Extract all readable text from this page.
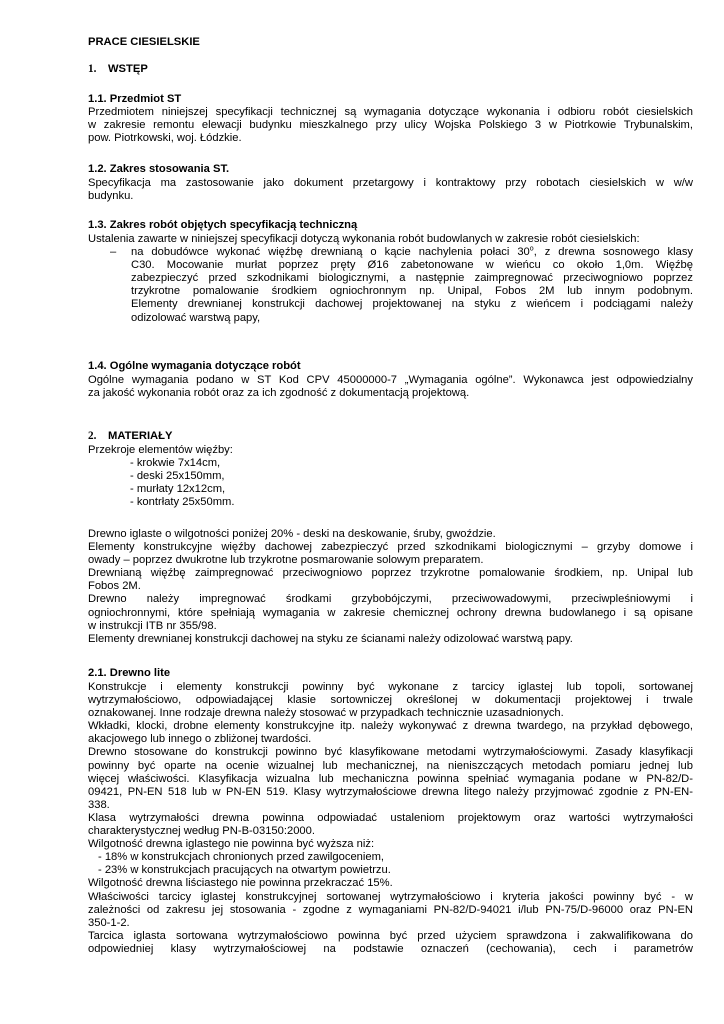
PRACE CIESIELSKIE
1. WSTĘP
1.1. Przedmiot ST

Przedmiotem niniejszej specyfikacji technicznej są wymagania dotyczące wykonania i odbioru robót ciesielskich

w zakresie remontu elewacji budynku mieszkalnego przy ulicy Wojska Polskiego 3 w Piotrkowie Trybunalskim,

pow. Piotrkowski, woj. Łódzkie.

1.2. Zakres stosowania ST.

Specyfikacja ma zastosowanie jako dokument przetargowy i kontraktowy przy robotach ciesielskich w w/w

budynku.

1.3. Zakres robót objętych specyfikacją techniczną

Ustalenia zawarte w niniejszej specyfikacji dotyczą wykonania robót budowlanych w zakresie robót ciesielskich:

– na dobudówce wykonać więźbę drewnianą o kącie nachylenia połaci 30$^o$, z drewna sosnowego klasy

C30. Mocowanie murłat poprzez pręty Ø16 zabetonowane w wieńcu co około 1,0m. Więźbę

zabezpieczyć przed szkodnikami biologicznymi, a następnie zaimpregnować przeciwogniowo poprzez

trzykrotne pomalowanie środkiem ogniochronnym np. Unipal, Fobos 2M lub innym podobnym.

Elementy drewnianej konstrukcji dachowej projektowanej na styku z wieńcem i podciągami należy

odizolować warstwą papy,

1.4. Ogólne wymagania dotyczące robót

Ogólne wymagania podano w ST Kod CPV 45000000-7 „Wymagania ogólne”. Wykonawca jest odpowiedzialny

za jakość wykonania robót oraz za ich zgodność z dokumentacją projektową.

2. MATERIAŁY

Przekroje elementów więźby:

- krokwie 7x14cm,

- deski 25x150mm,

- murłaty 12x12cm,

- kontrłaty 25x50mm.

Drewno iglaste o wilgotności poniżej 20% - deski na deskowanie, śruby, gwoździe.

Elementy konstrukcyjne więźby dachowej zabezpieczyć przed szkodnikami biologicznymi – grzyby domowe i

owady – poprzez dwukrotne lub trzykrotne posmarowanie solowym preparatem.

Drewnianą więźbę zaimpregnować przeciwogniowo poprzez trzykrotne pomalowanie środkiem, np. Unipal lub

Fobos 2M.

Drewno należy impregnować środkami grzybobójczymi, przeciwowadowymi, przeciwpleśniowymi i

ogniochronnymi, które spełniają wymagania w zakresie chemicznej ochrony drewna budowlanego i są opisane

w instrukcji ITB nr 355/98.

Elementy drewnianej konstrukcji dachowej na styku ze ścianami należy odizolować warstwą papy.

2.1. Drewno lite

Konstrukcje i elementy konstrukcji powinny być wykonane z tarcicy iglastej lub topoli, sortowanej

wytrzymałościowo, odpowiadającej klasie sortowniczej określonej w dokumentacji projektowej i trwale

oznakowanej. Inne rodzaje drewna należy stosować w przypadkach technicznie uzasadnionych.

Wkładki, klocki, drobne elementy konstrukcyjne itp. należy wykonywać z drewna twardego, na przykład dębowego,

akacjowego lub innego o zbliżonej twardości.

Drewno stosowane do konstrukcji powinno być klasyfikowane metodami wytrzymałościowymi. Zasady klasyfikacji

powinny być oparte na ocenie wizualnej lub mechanicznej, na nieniszczących metodach pomiaru jednej lub

więcej właściwości. Klasyfikacja wizualna lub mechaniczna powinna spełniać wymagania podane w PN-82/D-

09421, PN-EN 518 lub w PN-EN 519. Klasy wytrzymałościowe drewna litego należy przyjmować zgodnie z PN-EN-

338.

Klasa wytrzymałości drewna powinna odpowiadać ustaleniom projektowym oraz wartości wytrzymałości

charakterystycznej według PN-B-03150:2000.

Wilgotność drewna iglastego nie powinna być wyższa niż:

- 18% w konstrukcjach chronionych przed zawilgoceniem,

- 23% w konstrukcjach pracujących na otwartym powietrzu.

Wilgotność drewna liściastego nie powinna przekraczać 15%.

Właściwości tarcicy iglastej konstrukcyjnej sortowanej wytrzymałościowo i kryteria jakości powinny być - w

zależności od zakresu jej stosowania - zgodne z wymaganiami PN-82/D-94021 i/lub PN-75/D-96000 oraz PN-EN

350-1-2.

Tarcica iglasta sortowana wytrzymałościowo powinna być przed użyciem sprawdzona i zakwalifikowana do

odpowiedniej klasy wytrzymałościowej na podstawie oznaczeń (cechowania), cech i parametrów
